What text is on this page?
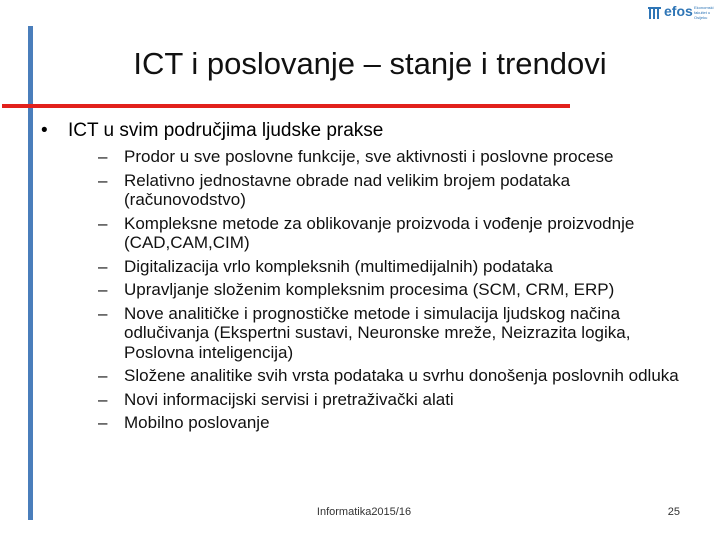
efos Ekonomski fakultet u Osijeku
ICT i poslovanje – stanje i trendovi
• ICT u svim područjima ljudske prakse
– Prodor u sve poslovne funkcije, sve aktivnosti i poslovne procese
– Relativno jednostavne obrade nad velikim brojem podataka (računovodstvo)
– Kompleksne metode za oblikovanje proizvoda i vođenje proizvodnje (CAD,CAM,CIM)
– Digitalizacija vrlo kompleksnih (multimedijalnih) podataka
– Upravljanje složenim kompleksnim procesima (SCM, CRM, ERP)
– Nove analitičke i prognostičke metode i simulacija ljudskog načina odlučivanja (Ekspertni sustavi, Neuronske mreže, Neizrazita logika, Poslovna inteligencija)
– Složene analitike svih vrsta podataka u svrhu donošenja poslovnih odluka
– Novi informacijski servisi i pretraživački alati
– Mobilno poslovanje
Informatika2015/16	25
